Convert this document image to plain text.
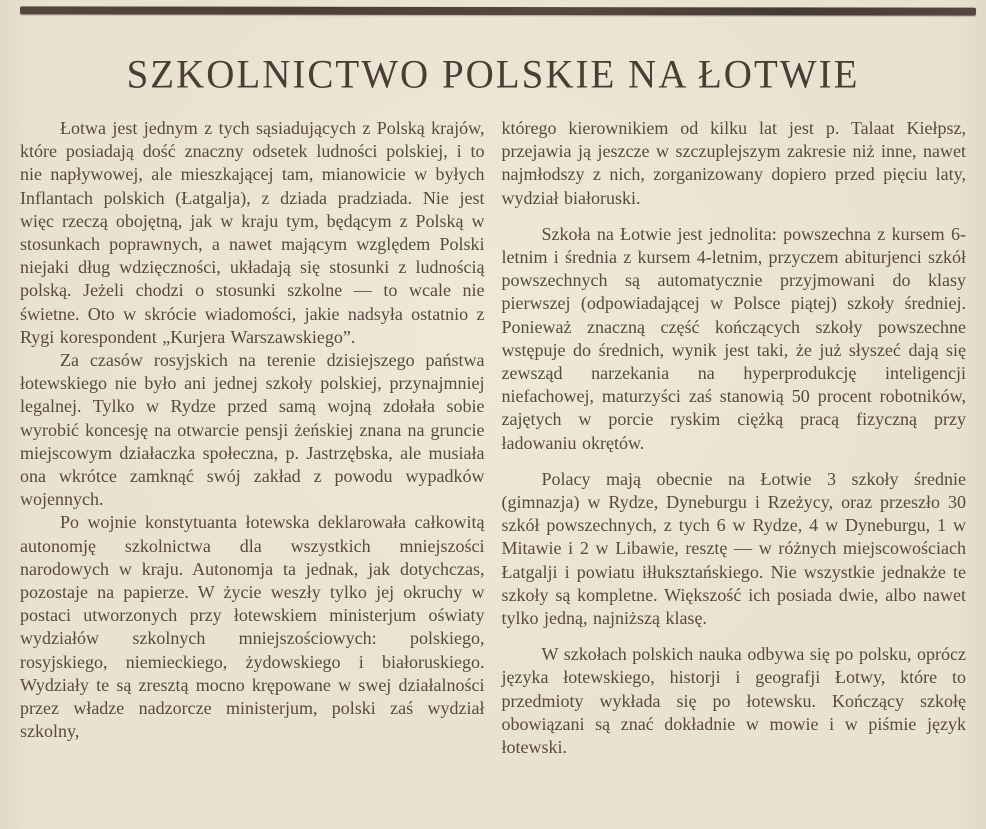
SZKOLNICTWO POLSKIE NA ŁOTWIE

Łotwa jest jednym z tych sąsiadujących z Polską krajów, które posiadają dość znaczny odsetek ludności polskiej, i to nie napływowej, ale mieszkającej tam, mianowicie w byłych Inflantach polskich (Łatgalja), z dziada pradziada. Nie jest więc rzeczą obojętną, jak w kraju tym, będącym z Polską w stosunkach poprawnych, a nawet mającym względem Polski niejaki dług wdzięczności, układają się stosunki z ludnością polską. Jeżeli chodzi o stosunki szkolne — to wcale nie świetne. Oto w skrócie wiadomości, jakie nadsyła ostatnio z Rygi korespondent „Kurjera Warszawskiego”.

Za czasów rosyjskich na terenie dzisiejszego państwa łotewskiego nie było ani jednej szkoły polskiej, przynajmniej legalnej. Tylko w Rydze przed samą wojną zdołała sobie wyrobić koncesję na otwarcie pensji żeńskiej znana na gruncie miejscowym działaczka społeczna, p. Jastrzębska, ale musiała ona wkrótce zamknąć swój zakład z powodu wypadków wojennych.

Po wojnie konstytuanta łotewska deklarowała całkowitą autonomję szkolnictwa dla wszystkich mniejszości narodowych w kraju. Autonomja ta jednak, jak dotychczas, pozostaje na papierze. W życie weszły tylko jej okruchy w postaci utworzonych przy łotewskiem ministerjum oświaty wydziałów szkolnych mniejszościowych: polskiego, rosyjskiego, niemieckiego, żydowskiego i białoruskiego. Wydziały te są zresztą mocno krępowane w swej działalności przez władze nadzorcze ministerjum, polski zaś wydział szkolny,

którego kierownikiem od kilku lat jest p. Talaat Kiełpsz, przejawia ją jeszcze w szczuplejszym zakresie niż inne, nawet najmłodszy z nich, zorganizowany dopiero przed pięciu laty, wydział białoruski.

Szkoła na Łotwie jest jednolita: powszechna z kursem 6-letnim i średnia z kursem 4-letnim, przyczem abiturjenci szkół powszechnych są automatycznie przyjmowani do klasy pierwszej (odpowiadającej w Polsce piątej) szkoły średniej. Ponieważ znaczną część kończących szkoły powszechne wstępuje do średnich, wynik jest taki, że już słyszeć dają się zewsząd narzekania na hyperprodukcję inteligencji niefachowej, maturzyści zaś stanowią 50 procent robotników, zajętych w porcie ryskim ciężką pracą fizyczną przy ładowaniu okrętów.

Polacy mają obecnie na Łotwie 3 szkoły średnie (gimnazja) w Rydze, Dyneburgu i Rzeżycy, oraz przeszło 30 szkół powszechnych, z tych 6 w Rydze, 4 w Dyneburgu, 1 w Mitawie i 2 w Libawie, resztę — w różnych miejscowościach Łatgalji i powiatu iłłuksztańskiego. Nie wszystkie jednakże te szkoły są kompletne. Większość ich posiada dwie, albo nawet tylko jedną, najniższą klasę.

W szkołach polskich nauka odbywa się po polsku, oprócz języka łotewskiego, historji i geografji Łotwy, które to przedmioty wykłada się po łotewsku. Kończący szkołę obowiązani są znać dokładnie w mowie i w piśmie język łotewski.
